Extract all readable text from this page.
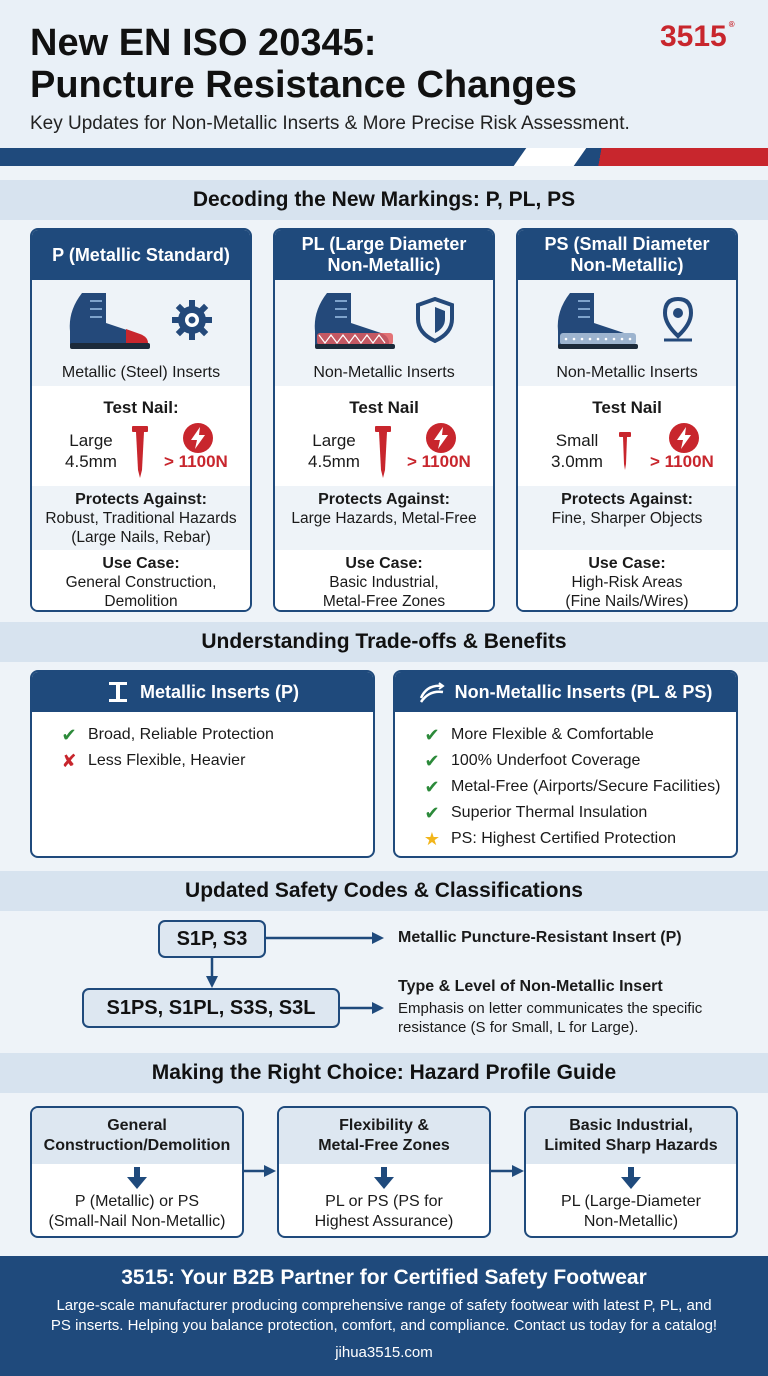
New EN ISO 20345:
Puncture Resistance Changes
3515 ®
Key Updates for Non-Metallic Inserts & More Precise Risk Assessment.
Decoding the New Markings: P, PL, PS
P (Metallic Standard)
Metallic (Steel) Inserts
Test Nail:
Large
4.5mm	> 1100N
Protects Against:
Robust, Traditional Hazards
(Large Nails, Rebar)
Use Case:
General Construction,
Demolition
PL (Large Diameter
Non-Metallic)
Non-Metallic Inserts
Test Nail
Large
4.5mm	> 1100N
Protects Against:
Large Hazards, Metal-Free
Use Case:
Basic Industrial,
Metal-Free Zones
PS (Small Diameter
Non-Metallic)
Non-Metallic Inserts
Test Nail
Small
3.0mm	> 1100N
Protects Against:
Fine, Sharper Objects
Use Case:
High-Risk Areas
(Fine Nails/Wires)
Understanding Trade-offs & Benefits
Metallic Inserts (P)
✔ Broad, Reliable Protection
✘ Less Flexible, Heavier
Non-Metallic Inserts (PL & PS)
✔ More Flexible & Comfortable
✔ 100% Underfoot Coverage
✔ Metal-Free (Airports/Secure Facilities)
✔ Superior Thermal Insulation
★ PS: Highest Certified Protection
Updated Safety Codes & Classifications
S1P, S3
S1PS, S1PL, S3S, S3L
Metallic Puncture-Resistant Insert (P)
Type & Level of Non-Metallic Insert
Emphasis on letter communicates the specific
resistance (S for Small, L for Large).
Making the Right Choice: Hazard Profile Guide
General
Construction/Demolition
P (Metallic) or PS
(Small-Nail Non-Metallic)
Flexibility &
Metal-Free Zones
PL or PS (PS for
Highest Assurance)
Basic Industrial,
Limited Sharp Hazards
PL (Large-Diameter
Non-Metallic)
3515: Your B2B Partner for Certified Safety Footwear
Large-scale manufacturer producing comprehensive range of safety footwear with latest P, PL, and
PS inserts. Helping you balance protection, comfort, and compliance. Contact us today for a catalog!
jihua3515.com
